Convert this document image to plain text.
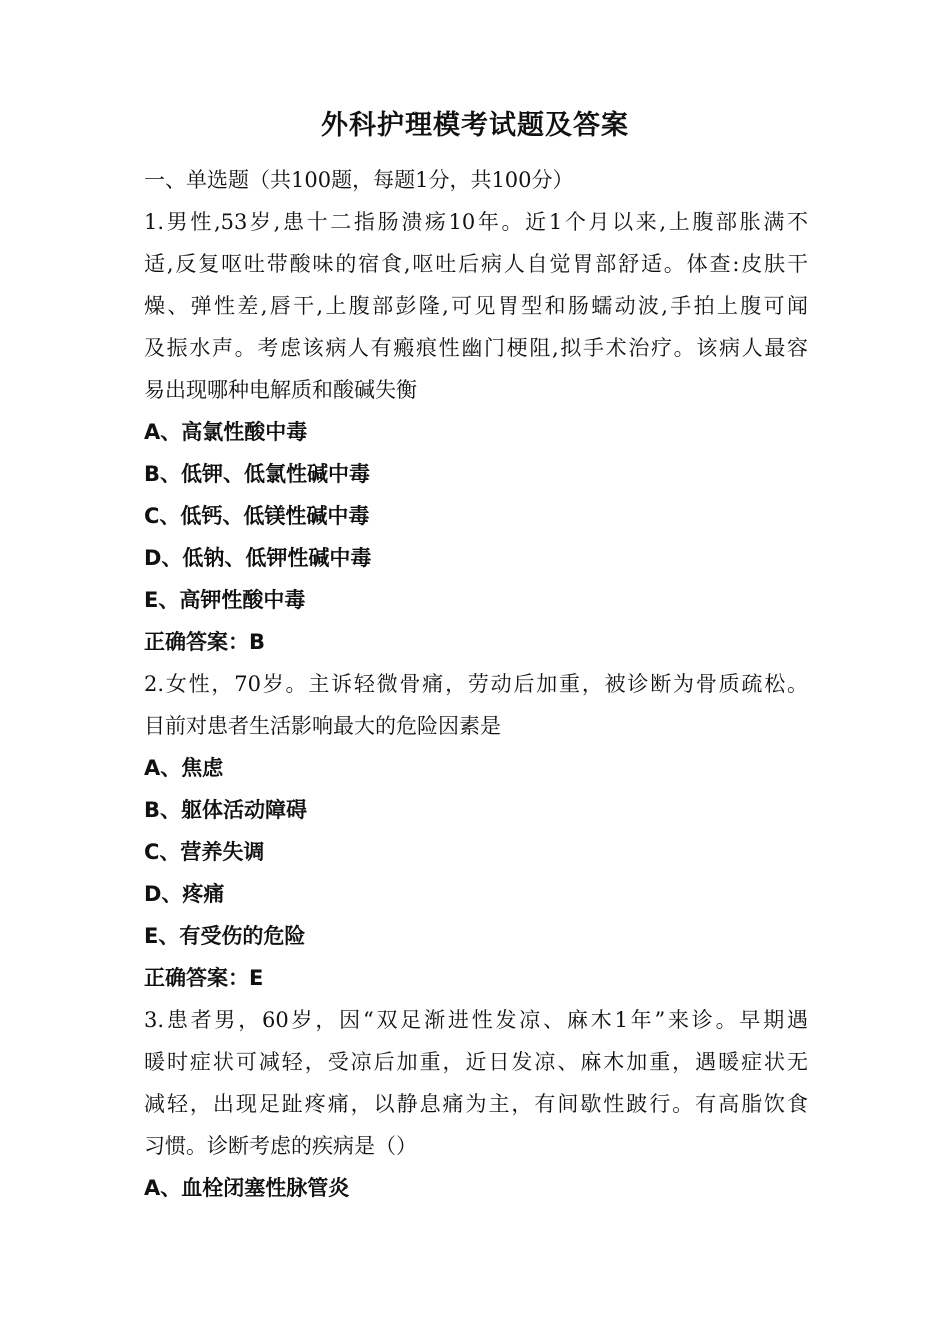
外科护理模考试题及答案
一、单选题（共100题，每题1分，共100分）
1.男性,53岁,患十二指肠溃疡10年。近1个月以来,上腹部胀满不
适,反复呕吐带酸味的宿食,呕吐后病人自觉胃部舒适。体查:皮肤干
燥、弹性差,唇干,上腹部彭隆,可见胃型和肠蠕动波,手拍上腹可闻
及振水声。考虑该病人有瘢痕性幽门梗阻,拟手术治疗。该病人最容
易出现哪种电解质和酸碱失衡
A、高氯性酸中毒
B、低钾、低氯性碱中毒
C、低钙、低镁性碱中毒
D、低钠、低钾性碱中毒
E、高钾性酸中毒
正确答案：B
2.女性，70岁。主诉轻微骨痛，劳动后加重，被诊断为骨质疏松。
目前对患者生活影响最大的危险因素是
A、焦虑
B、躯体活动障碍
C、营养失调
D、疼痛
E、有受伤的危险
正确答案：E
3.患者男，60岁，因“双足渐进性发凉、麻木1年”来诊。早期遇
暖时症状可减轻，受凉后加重，近日发凉、麻木加重，遇暖症状无
减轻，出现足趾疼痛，以静息痛为主，有间歇性跛行。有高脂饮食
习惯。诊断考虑的疾病是（）
A、血栓闭塞性脉管炎
